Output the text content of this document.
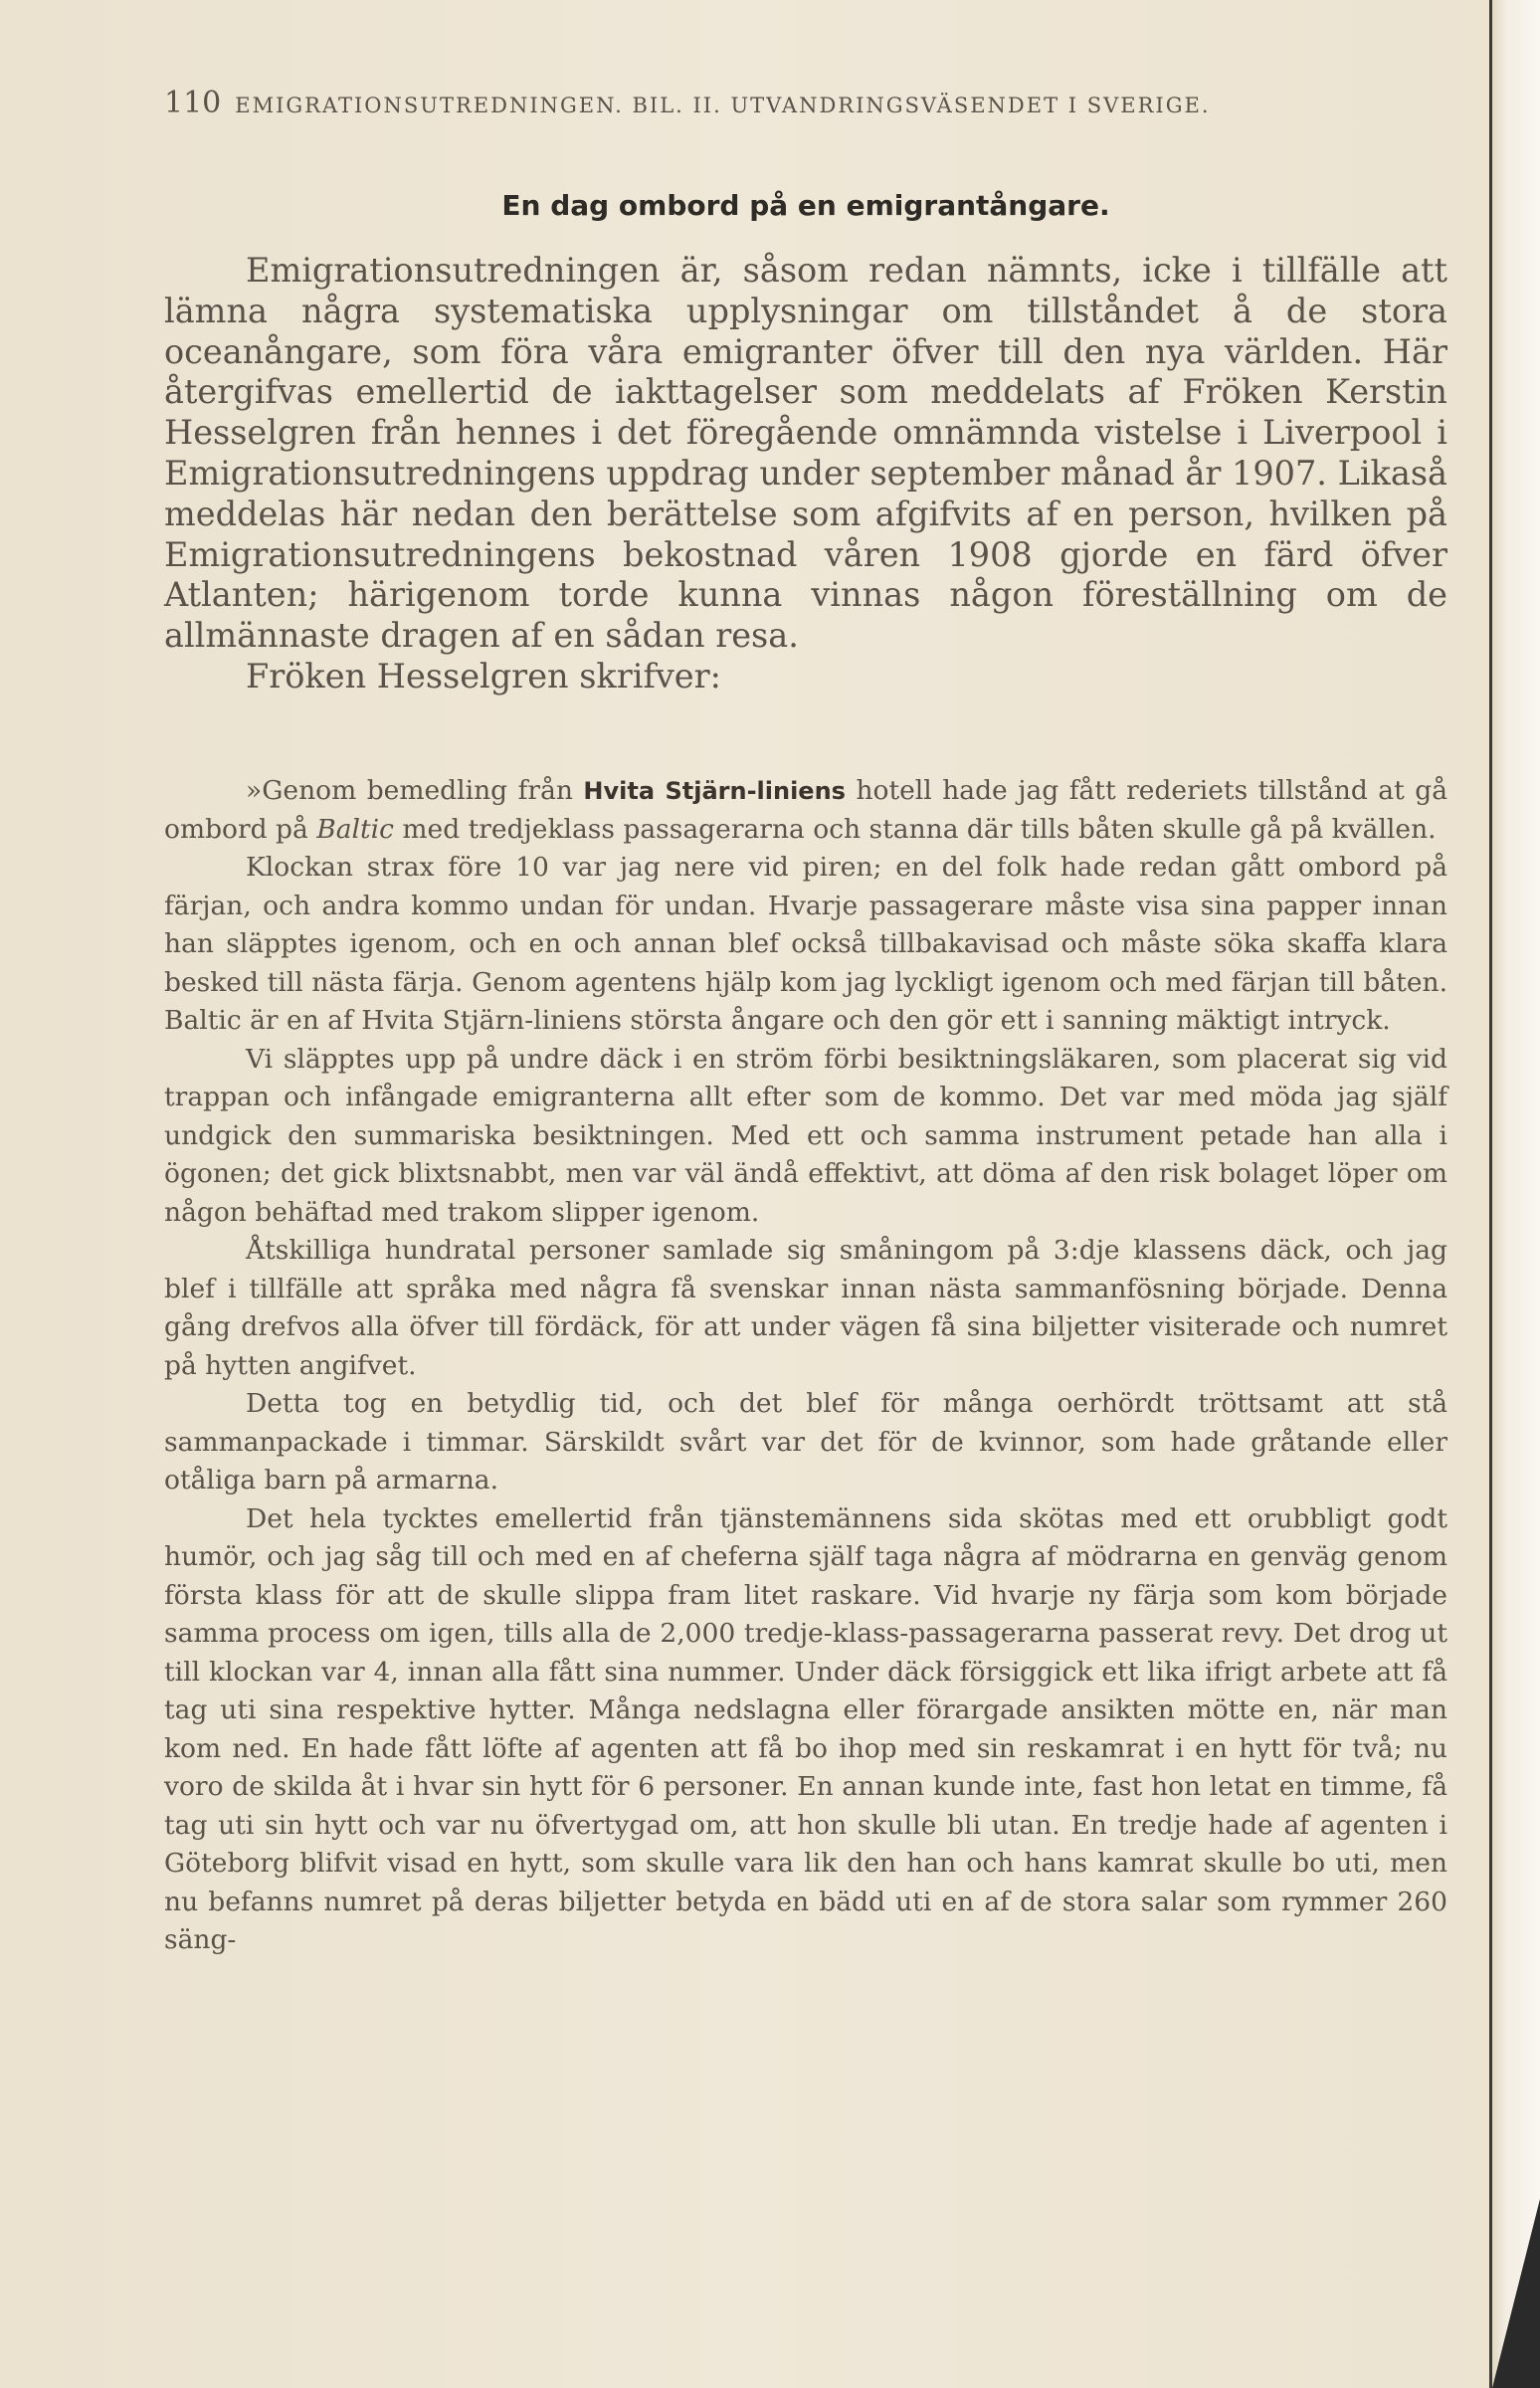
110 EMIGRATIONSUTREDNINGEN. BIL. II. UTVANDRINGSVÄSENDET I SVERIGE.
En dag ombord på en emigrantångare.

Emigrationsutredningen är, såsom redan nämnts, icke i tillfälle att lämna några systematiska upplysningar om tillståndet å de stora oceanångare, som föra våra emigranter öfver till den nya världen. Här återgifvas emellertid de iakttagelser som meddelats af Fröken Kerstin Hesselgren från hennes i det föregående omnämnda vistelse i Liverpool i Emigrationsutredningens uppdrag under september månad år 1907. Likaså meddelas här nedan den berättelse som afgifvits af en person, hvilken på Emigrationsutredningens bekostnad våren 1908 gjorde en färd öfver Atlanten; härigenom torde kunna vinnas någon föreställning om de allmännaste dragen af en sådan resa.

Fröken Hesselgren skrifver:

»Genom bemedling från Hvita Stjärn-liniens hotell hade jag fått rederiets tillstånd at gå ombord på Baltic med tredjeklass passagerarna och stanna där tills båten skulle gå på kvällen.

Klockan strax före 10 var jag nere vid piren; en del folk hade redan gått ombord på färjan, och andra kommo undan för undan. Hvarje passagerare måste visa sina papper innan han släpptes igenom, och en och annan blef också tillbakavisad och måste söka skaffa klara besked till nästa färja. Genom agentens hjälp kom jag lyckligt igenom och med färjan till båten. Baltic är en af Hvita Stjärn-liniens största ångare och den gör ett i sanning mäktigt intryck.

Vi släpptes upp på undre däck i en ström förbi besiktningsläkaren, som placerat sig vid trappan och infångade emigranterna allt efter som de kommo. Det var med möda jag själf undgick den summariska besiktningen. Med ett och samma instrument petade han alla i ögonen; det gick blixtsnabbt, men var väl ändå effektivt, att döma af den risk bolaget löper om någon behäftad med trakom slipper igenom.

Åtskilliga hundratal personer samlade sig småningom på 3:dje klassens däck, och jag blef i tillfälle att språka med några få svenskar innan nästa sammanfösning började. Denna gång drefvos alla öfver till fördäck, för att under vägen få sina biljetter visiterade och numret på hytten angifvet.

Detta tog en betydlig tid, och det blef för många oerhördt tröttsamt att stå sammanpackade i timmar. Särskildt svårt var det för de kvinnor, som hade gråtande eller otåliga barn på armarna.

Det hela tycktes emellertid från tjänstemännens sida skötas med ett orubbligt godt humör, och jag såg till och med en af cheferna själf taga några af mödrarna en genväg genom första klass för att de skulle slippa fram litet raskare. Vid hvarje ny färja som kom började samma process om igen, tills alla de 2,000 tredje-klass-passagerarna passerat revy. Det drog ut till klockan var 4, innan alla fått sina nummer. Under däck försiggick ett lika ifrigt arbete att få tag uti sina respektive hytter. Många nedslagna eller förargade ansikten mötte en, när man kom ned. En hade fått löfte af agenten att få bo ihop med sin reskamrat i en hytt för två; nu voro de skilda åt i hvar sin hytt för 6 personer. En annan kunde inte, fast hon letat en timme, få tag uti sin hytt och var nu öfvertygad om, att hon skulle bli utan. En tredje hade af agenten i Göteborg blifvit visad en hytt, som skulle vara lik den han och hans kamrat skulle bo uti, men nu befanns numret på deras biljetter betyda en bädd uti en af de stora salar som rymmer 260 säng-
